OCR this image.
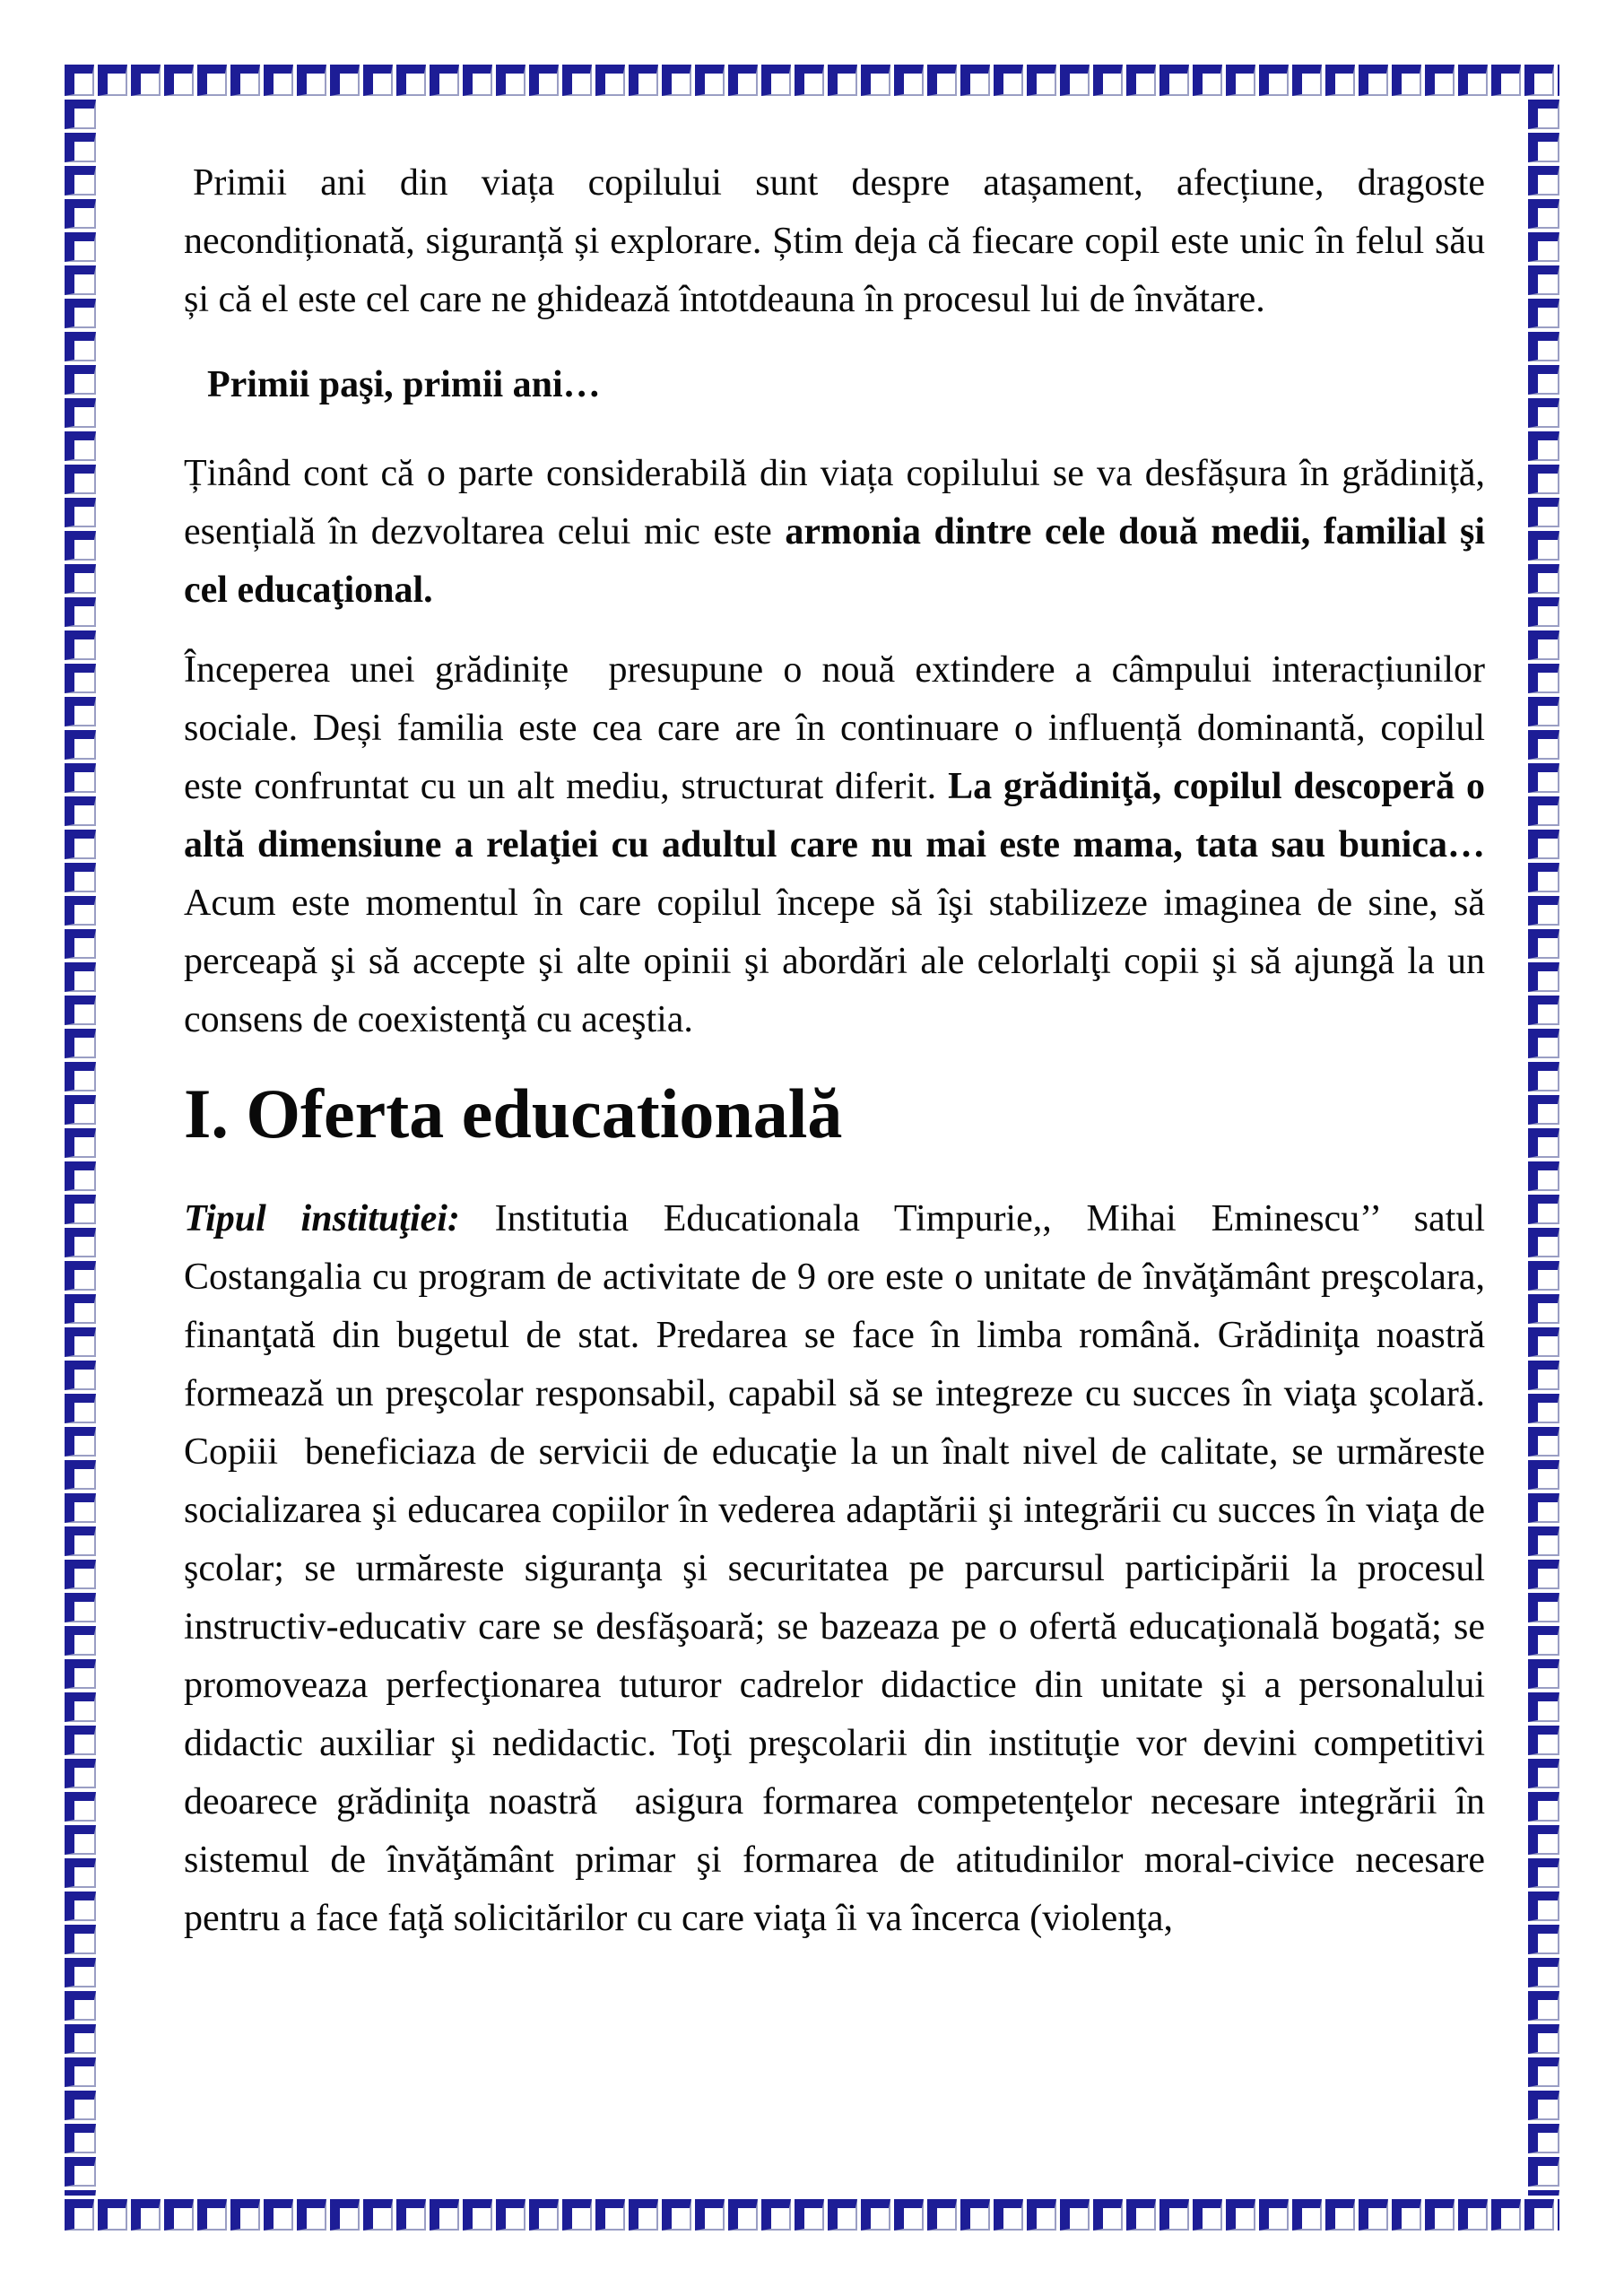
Primii ani din viața copilului sunt despre atașament, afecțiune, dragoste necondiționată, siguranță și explorare. Știm deja că fiecare copil este unic în felul său și că el este cel care ne ghidează întotdeauna în procesul lui de învătare.

Primii paşi, primii ani…

Ținând cont că o parte considerabilă din viața copilului se va desfășura în grădiniță, esențială în dezvoltarea celui mic este armonia dintre cele două medii, familial şi cel educaţional.

Începerea unei grădinițe  presupune o nouă extindere a câmpului interacțiunilor sociale. Deși familia este cea care are în continuare o influență dominantă, copilul este confruntat cu un alt mediu, structurat diferit. La grădiniţă, copilul descoperă o altă dimensiune a relaţiei cu adultul care nu mai este mama, tata sau bunica… Acum este momentul în care copilul începe să îşi stabilizeze imaginea de sine, să perceapă şi să accepte şi alte opinii şi abordări ale celorlalţi copii şi să ajungă la un consens de coexistenţă cu aceştia.

I. Oferta educatională

Tipul instituţiei: Institutia Educationala Timpurie,, Mihai Eminescu’’ satul Costangalia cu program de activitate de 9 ore este o unitate de învăţământ preşcolara, finanţată din bugetul de stat. Predarea se face în limba română. Grădiniţa noastră formează un preşcolar responsabil, capabil să se integreze cu succes în viaţa şcolară. Copiii  beneficiaza de servicii de educaţie la un înalt nivel de calitate, se urmăreste socializarea şi educarea copiilor în vederea adaptării şi integrării cu succes în viaţa de şcolar; se urmăreste siguranţa şi securitatea pe parcursul participării la procesul instructiv-educativ care se desfăşoară; se bazeaza pe o ofertă educaţională bogată; se promoveaza perfecţionarea tuturor cadrelor didactice din unitate şi a personalului didactic auxiliar şi nedidactic. Toţi preşcolarii din instituţie vor devini competitivi deoarece grădiniţa noastră  asigura formarea competenţelor necesare integrării în sistemul de învăţământ primar şi formarea de atitudinilor moral-civice necesare pentru a face faţă solicitărilor cu care viaţa îi va încerca (violenţa,
